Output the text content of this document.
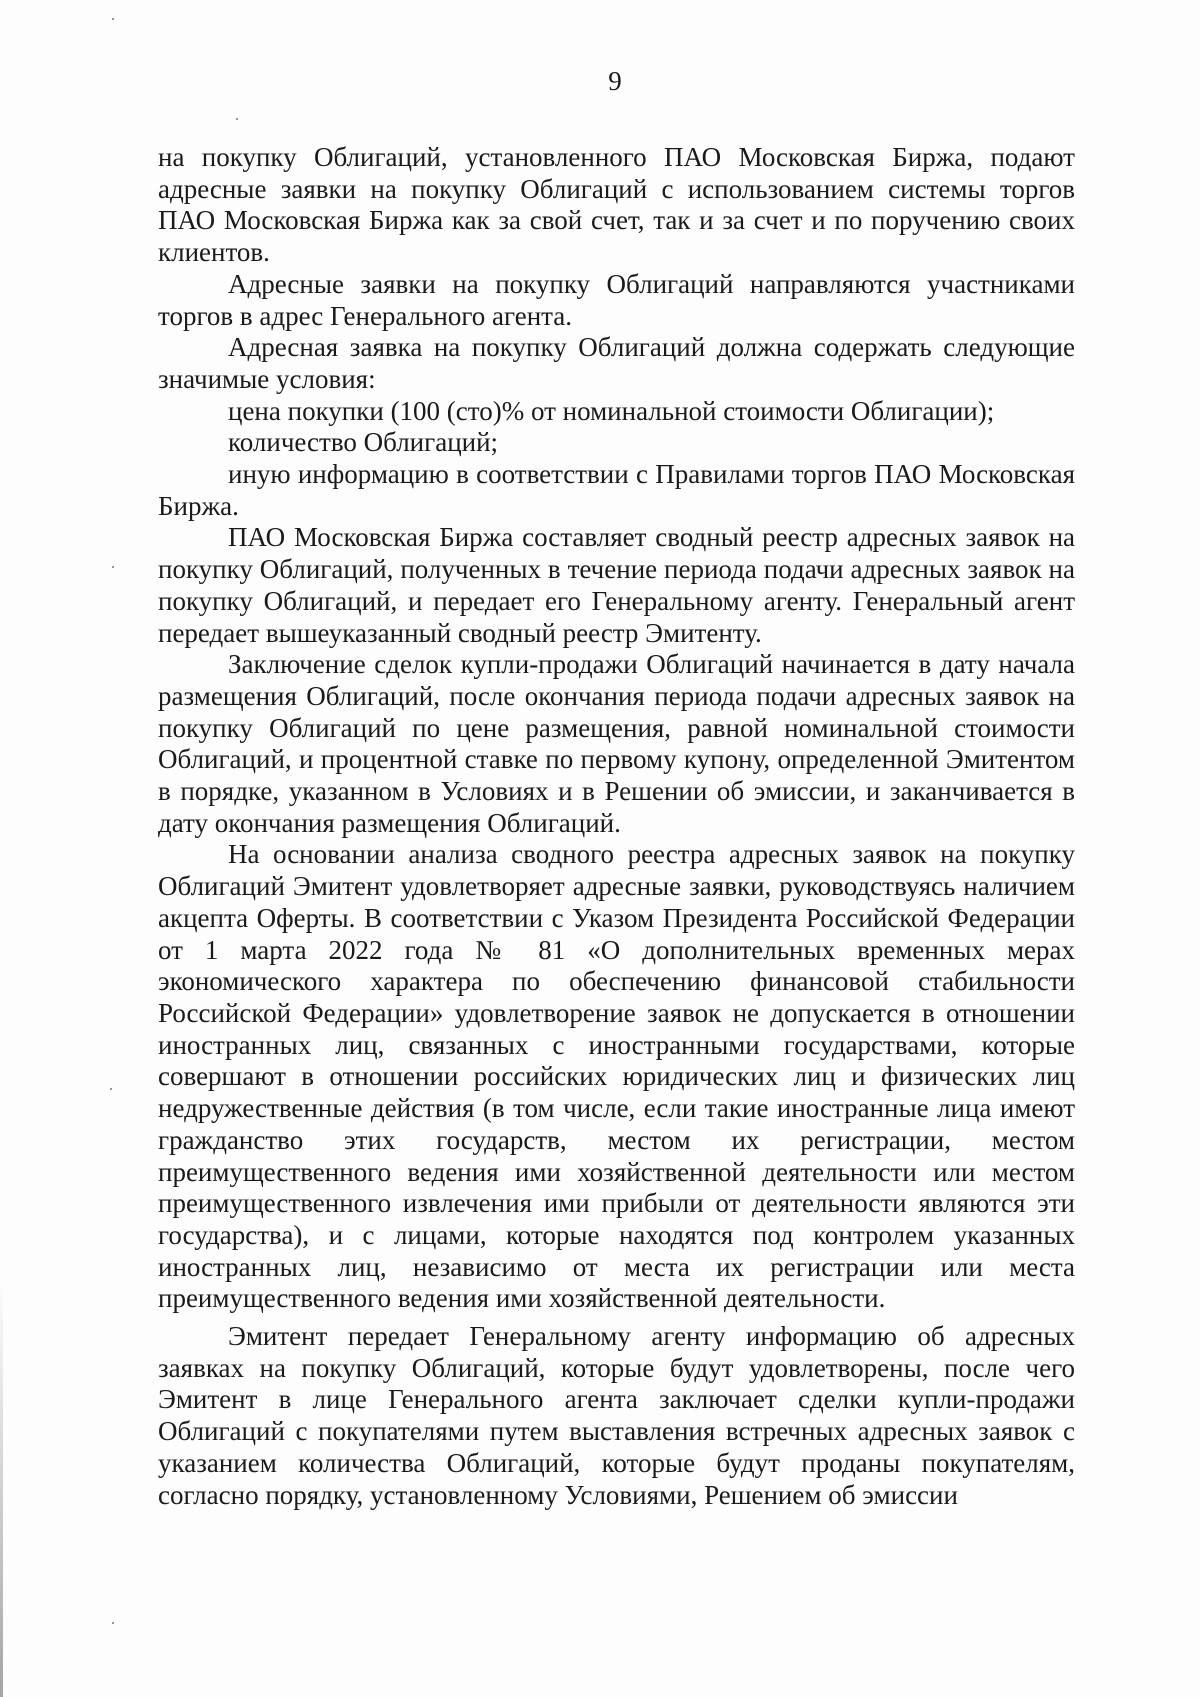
9

на покупку Облигаций, установленного ПАО Московская Биржа, подают адресные заявки на покупку Облигаций с использованием системы торгов ПАО Московская Биржа как за свой счет, так и за счет и по поручению своих клиентов.

Адресные заявки на покупку Облигаций направляются участниками торгов в адрес Генерального агента.

Адресная заявка на покупку Облигаций должна содержать следующие значимые условия:

цена покупки (100 (сто)% от номинальной стоимости Облигации);

количество Облигаций;

иную информацию в соответствии с Правилами торгов ПАО Московская Биржа.

ПАО Московская Биржа составляет сводный реестр адресных заявок на покупку Облигаций, полученных в течение периода подачи адресных заявок на покупку Облигаций, и передает его Генеральному агенту. Генеральный агент передает вышеуказанный сводный реестр Эмитенту.

Заключение сделок купли-продажи Облигаций начинается в дату начала размещения Облигаций, после окончания периода подачи адресных заявок на покупку Облигаций по цене размещения, равной номинальной стоимости Облигаций, и процентной ставке по первому купону, определенной Эмитентом в порядке, указанном в Условиях и в Решении об эмиссии, и заканчивается в дату окончания размещения Облигаций.

На основании анализа сводного реестра адресных заявок на покупку Облигаций Эмитент удовлетворяет адресные заявки, руководствуясь наличием акцепта Оферты. В соответствии с Указом Президента Российской Федерации от 1 марта 2022 года № 81 «О дополнительных временных мерах экономического характера по обеспечению финансовой стабильности Российской Федерации» удовлетворение заявок не допускается в отношении иностранных лиц, связанных с иностранными государствами, которые совершают в отношении российских юридических лиц и физических лиц недружественные действия (в том числе, если такие иностранные лица имеют гражданство этих государств, местом их регистрации, местом преимущественного ведения ими хозяйственной деятельности или местом преимущественного извлечения ими прибыли от деятельности являются эти государства), и с лицами, которые находятся под контролем указанных иностранных лиц, независимо от места их регистрации или места преимущественного ведения ими хозяйственной деятельности.

Эмитент передает Генеральному агенту информацию об адресных заявках на покупку Облигаций, которые будут удовлетворены, после чего Эмитент в лице Генерального агента заключает сделки купли-продажи Облигаций с покупателями путем выставления встречных адресных заявок с указанием количества Облигаций, которые будут проданы покупателям, согласно порядку, установленному Условиями, Решением об эмиссии
